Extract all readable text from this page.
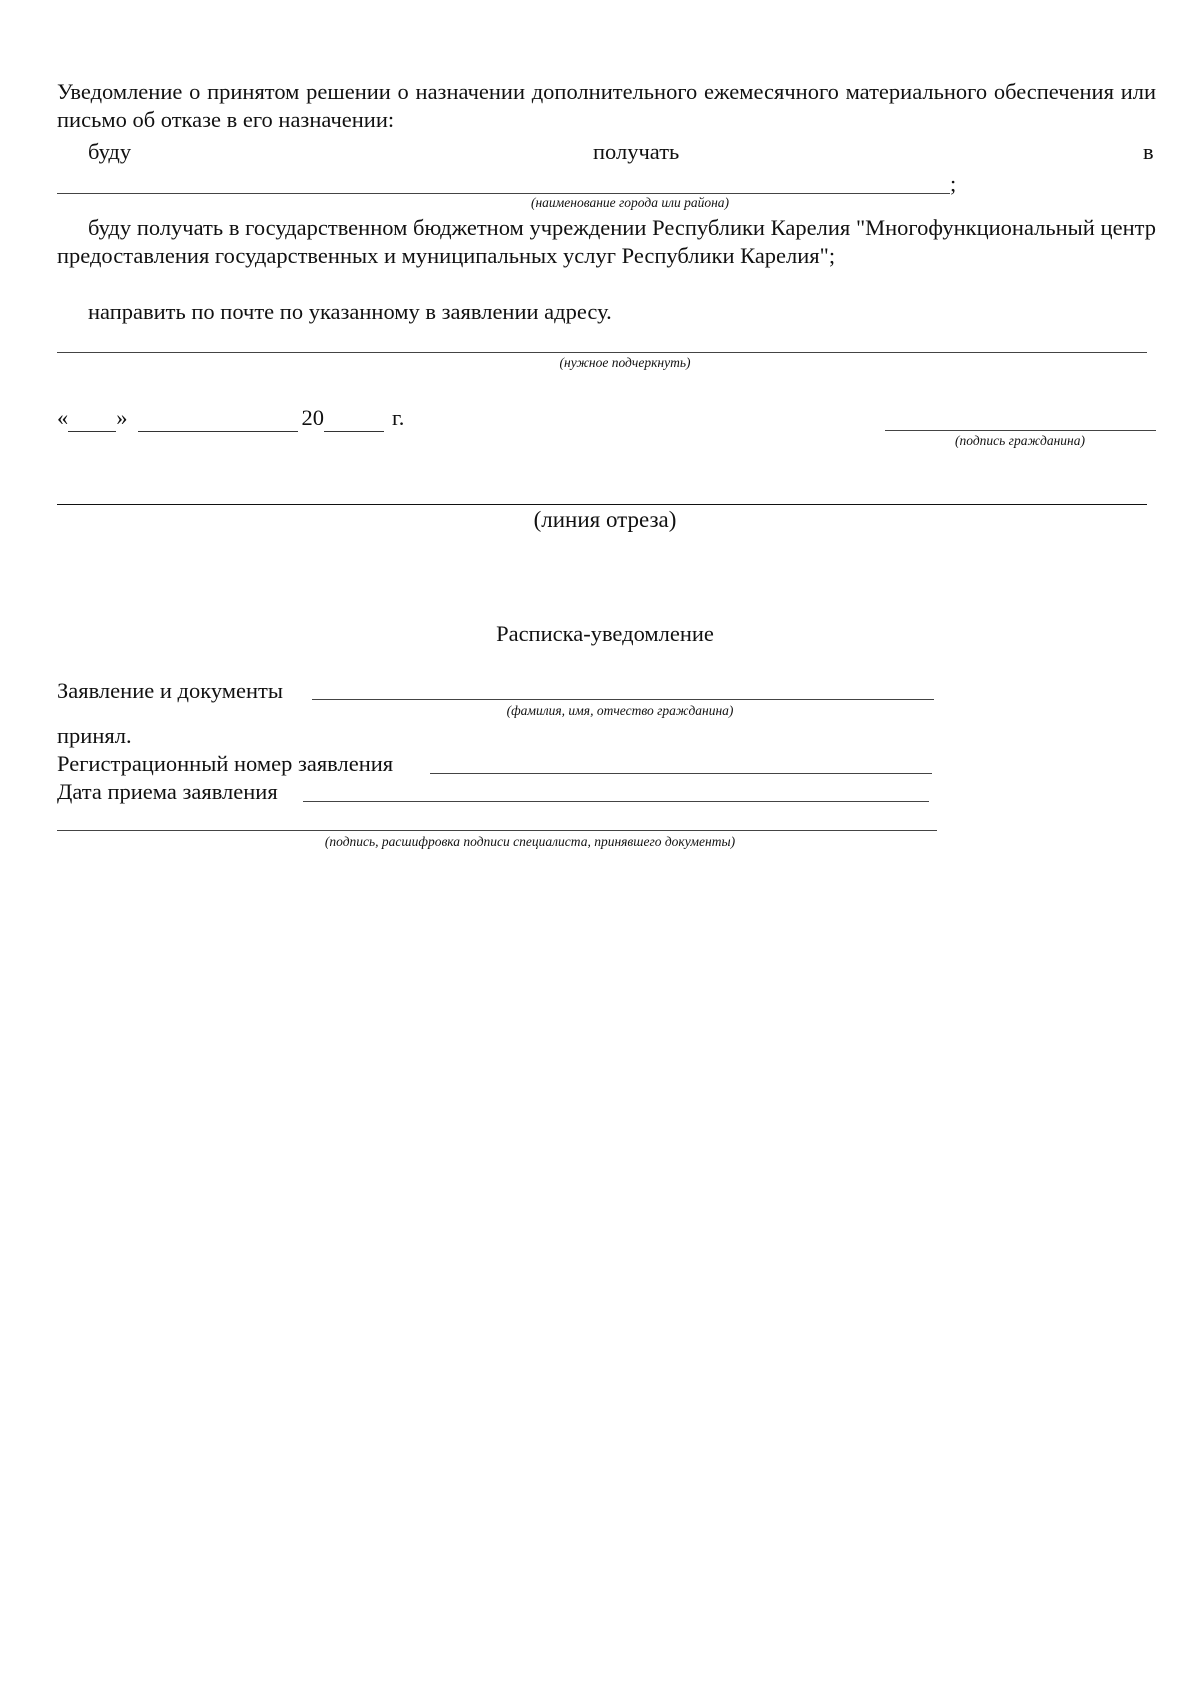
Уведомление о принятом решении о назначении дополнительного ежемесячного материального обеспечения или письмо об отказе в его назначении:
буду	получать	в
;
(наименование города или района)
буду получать в государственном бюджетном учреждении Республики Карелия "Многофункциональный центр предоставления государственных и муниципальных услуг Республики Карелия";
направить по почте по указанному в заявлении адресу.
(нужное подчеркнуть)
« »	20	г.
(подпись гражданина)
(линия отреза)
Расписка-уведомление
Заявление и документы
(фамилия, имя, отчество гражданина)
принял.
Регистрационный номер заявления
Дата приема заявления
(подпись, расшифровка подписи специалиста, принявшего документы)
